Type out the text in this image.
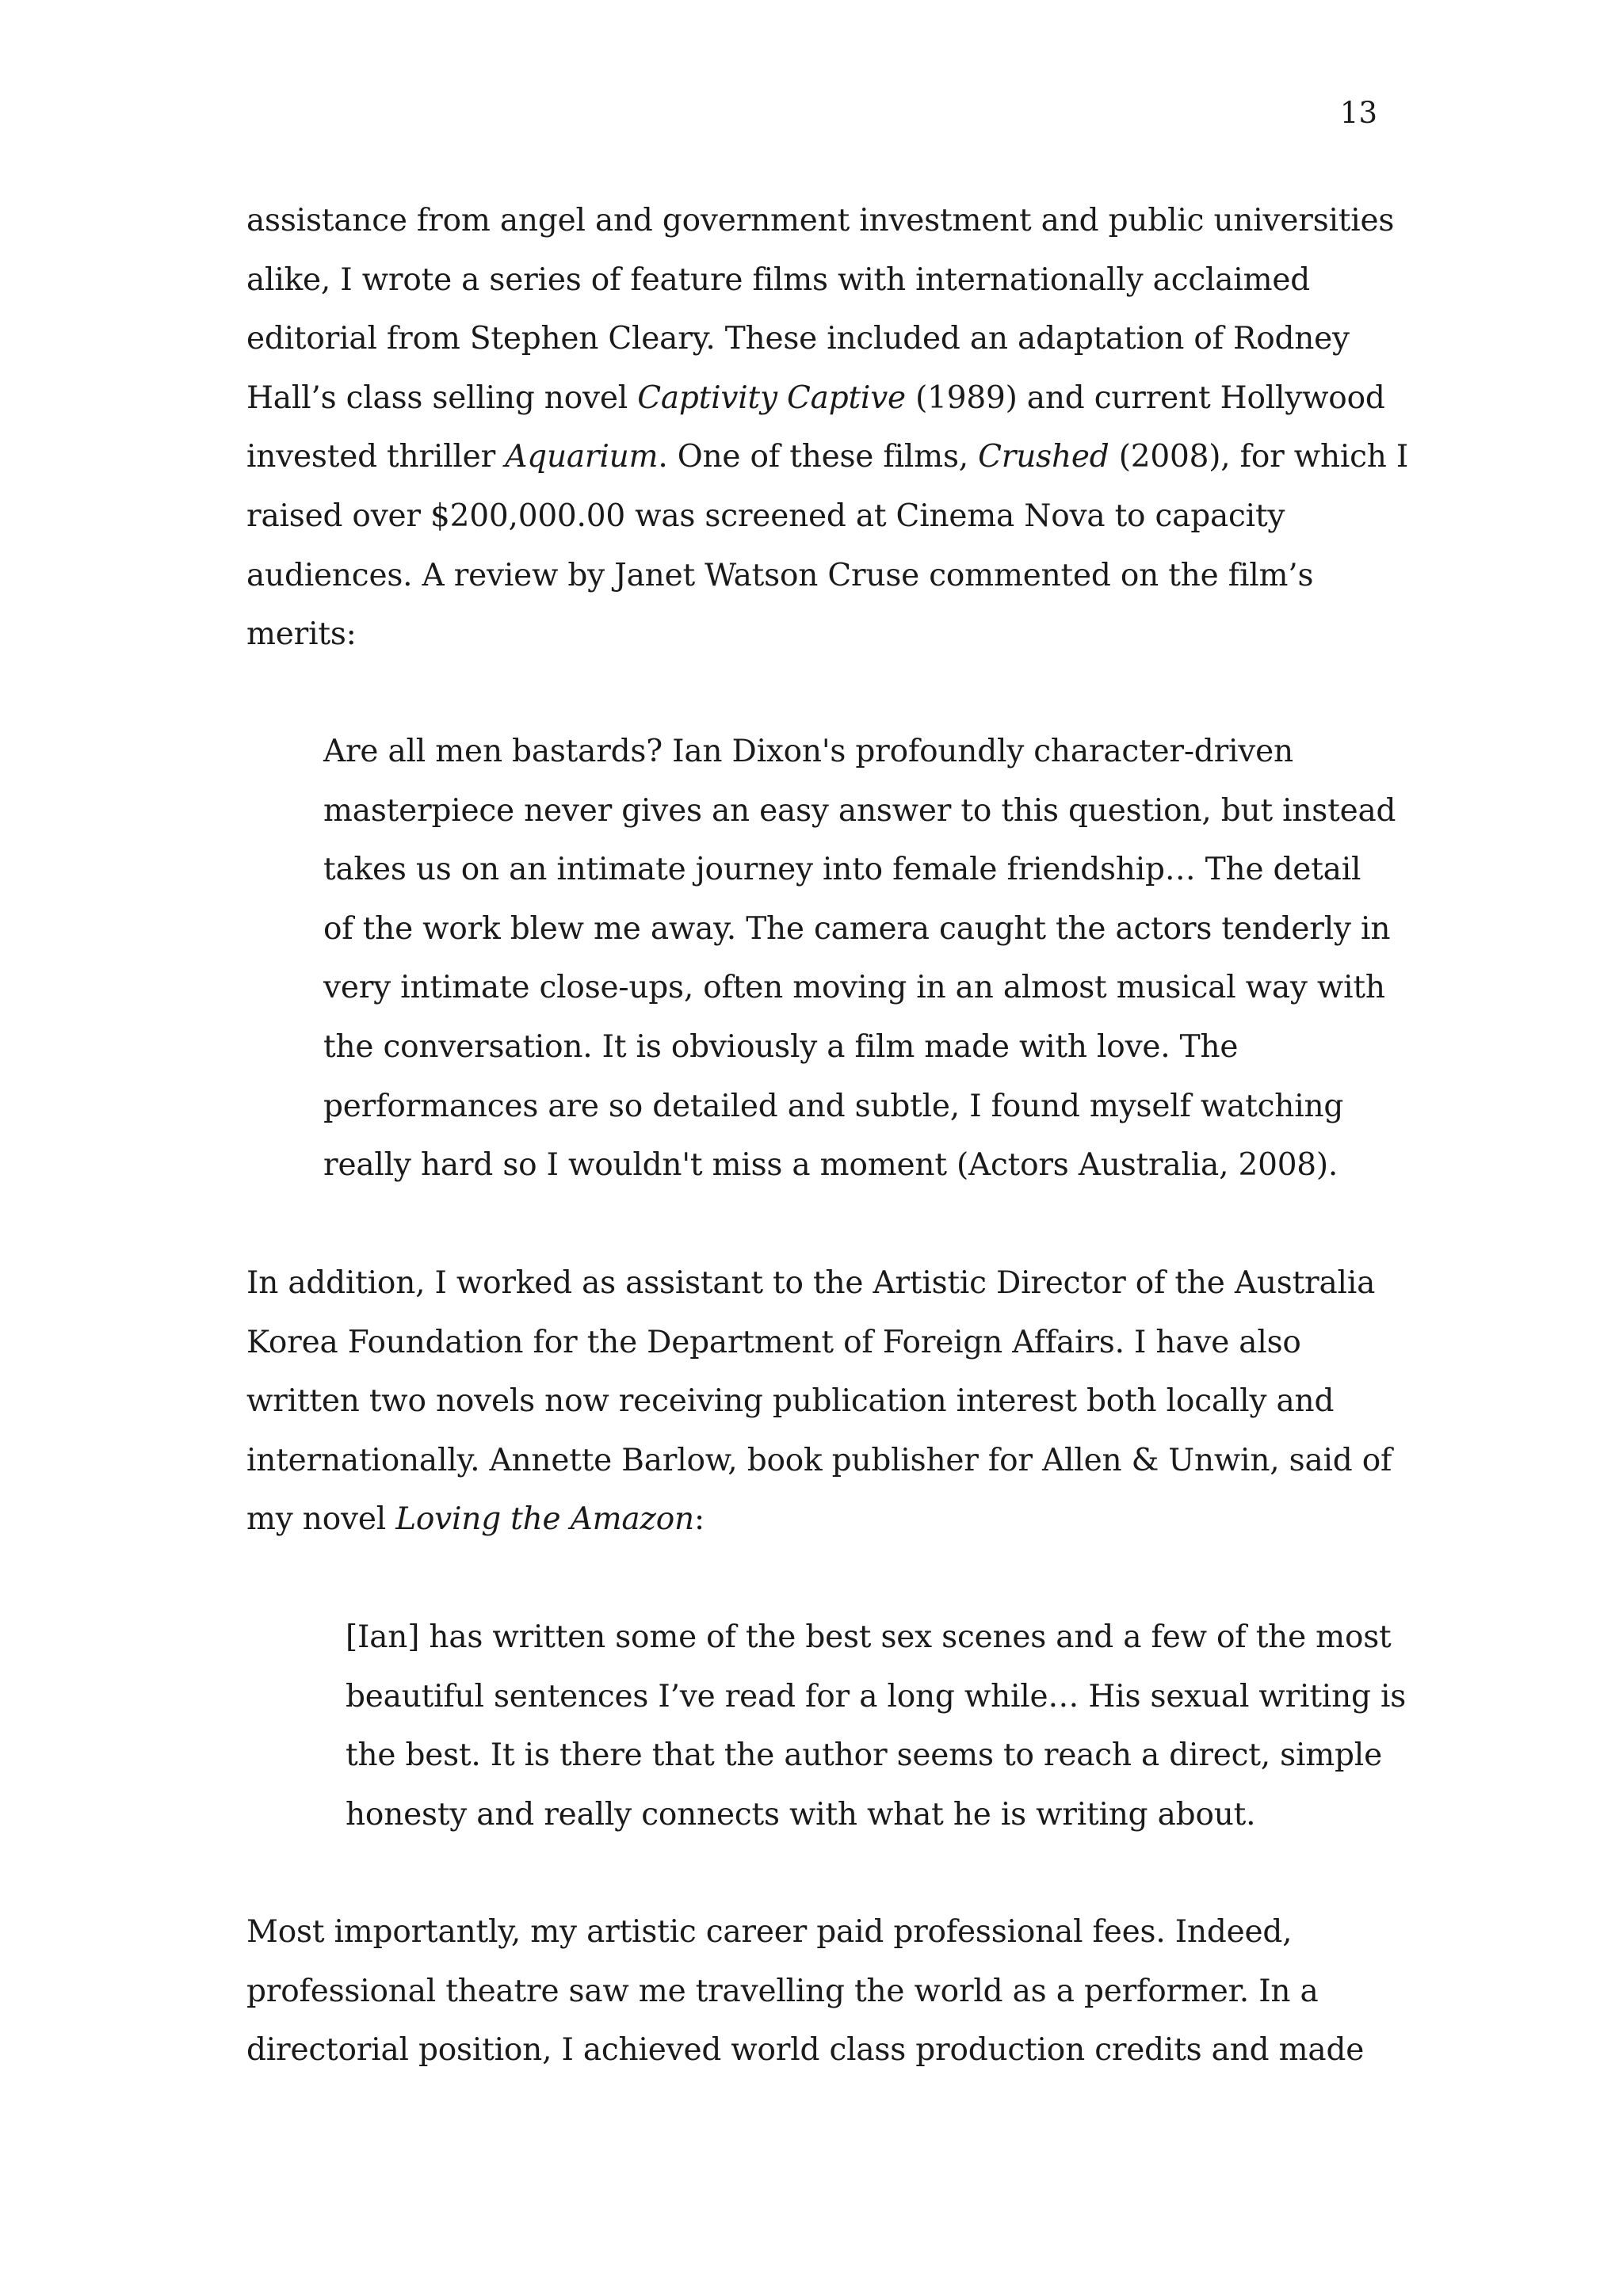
13

assistance from angel and government investment and public universities
alike, I wrote a series of feature films with internationally acclaimed
editorial from Stephen Cleary. These included an adaptation of Rodney
Hall’s class selling novel Captivity Captive (1989) and current Hollywood
invested thriller Aquarium. One of these films, Crushed (2008), for which I
raised over $200,000.00 was screened at Cinema Nova to capacity
audiences. A review by Janet Watson Cruse commented on the film’s
merits:

Are all men bastards? Ian Dixon's profoundly character-driven
masterpiece never gives an easy answer to this question, but instead
takes us on an intimate journey into female friendship… The detail
of the work blew me away. The camera caught the actors tenderly in
very intimate close-ups, often moving in an almost musical way with
the conversation. It is obviously a film made with love. The
performances are so detailed and subtle, I found myself watching
really hard so I wouldn't miss a moment (Actors Australia, 2008).

In addition, I worked as assistant to the Artistic Director of the Australia
Korea Foundation for the Department of Foreign Affairs. I have also
written two novels now receiving publication interest both locally and
internationally. Annette Barlow, book publisher for Allen & Unwin, said of
my novel Loving the Amazon:

[Ian] has written some of the best sex scenes and a few of the most
beautiful sentences I’ve read for a long while… His sexual writing is
the best. It is there that the author seems to reach a direct, simple
honesty and really connects with what he is writing about.

Most importantly, my artistic career paid professional fees. Indeed,
professional theatre saw me travelling the world as a performer. In a
directorial position, I achieved world class production credits and made
